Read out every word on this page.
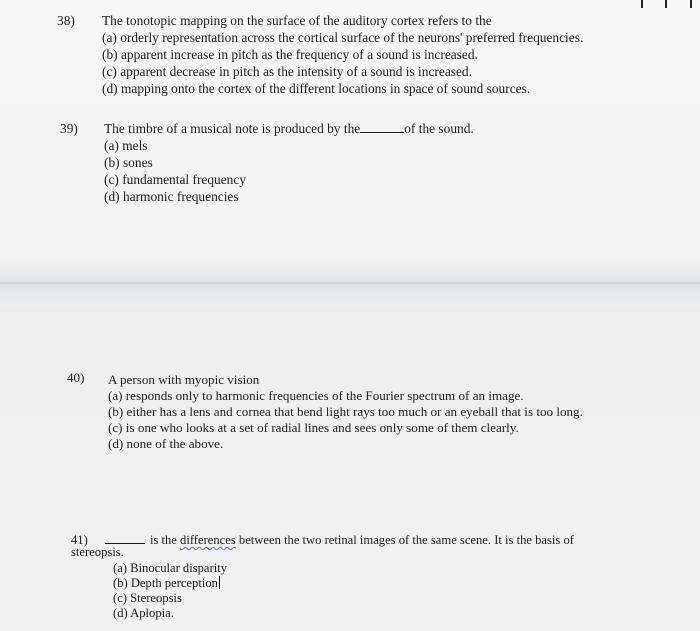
38) The tonotopic mapping on the surface of the auditory cortex refers to the
(a) orderly representation across the cortical surface of the neurons' preferred frequencies.
(b) apparent increase in pitch as the frequency of a sound is increased.
(c) apparent decrease in pitch as the intensity of a sound is increased.
(d) mapping onto the cortex of the different locations in space of sound sources.
39) The timbre of a musical note is produced by the	of the sound.
(a) mels
(b) sones
(c) fundamental frequency
(d) harmonic frequencies
40) A person with myopic vision
(a) responds only to harmonic frequencies of the Fourier spectrum of an image.
(b) either has a lens and cornea that bend light rays too much or an eyeball that is too long.
(c) is one who looks at a set of radial lines and sees only some of them clearly.
(d) none of the above.
41)	is the differences between the two retinal images of the same scene. It is the basis of
stereopsis.
(a) Binocular disparity
(b) Depth perception
(c) Stereopsis
(d) Aplopia.
